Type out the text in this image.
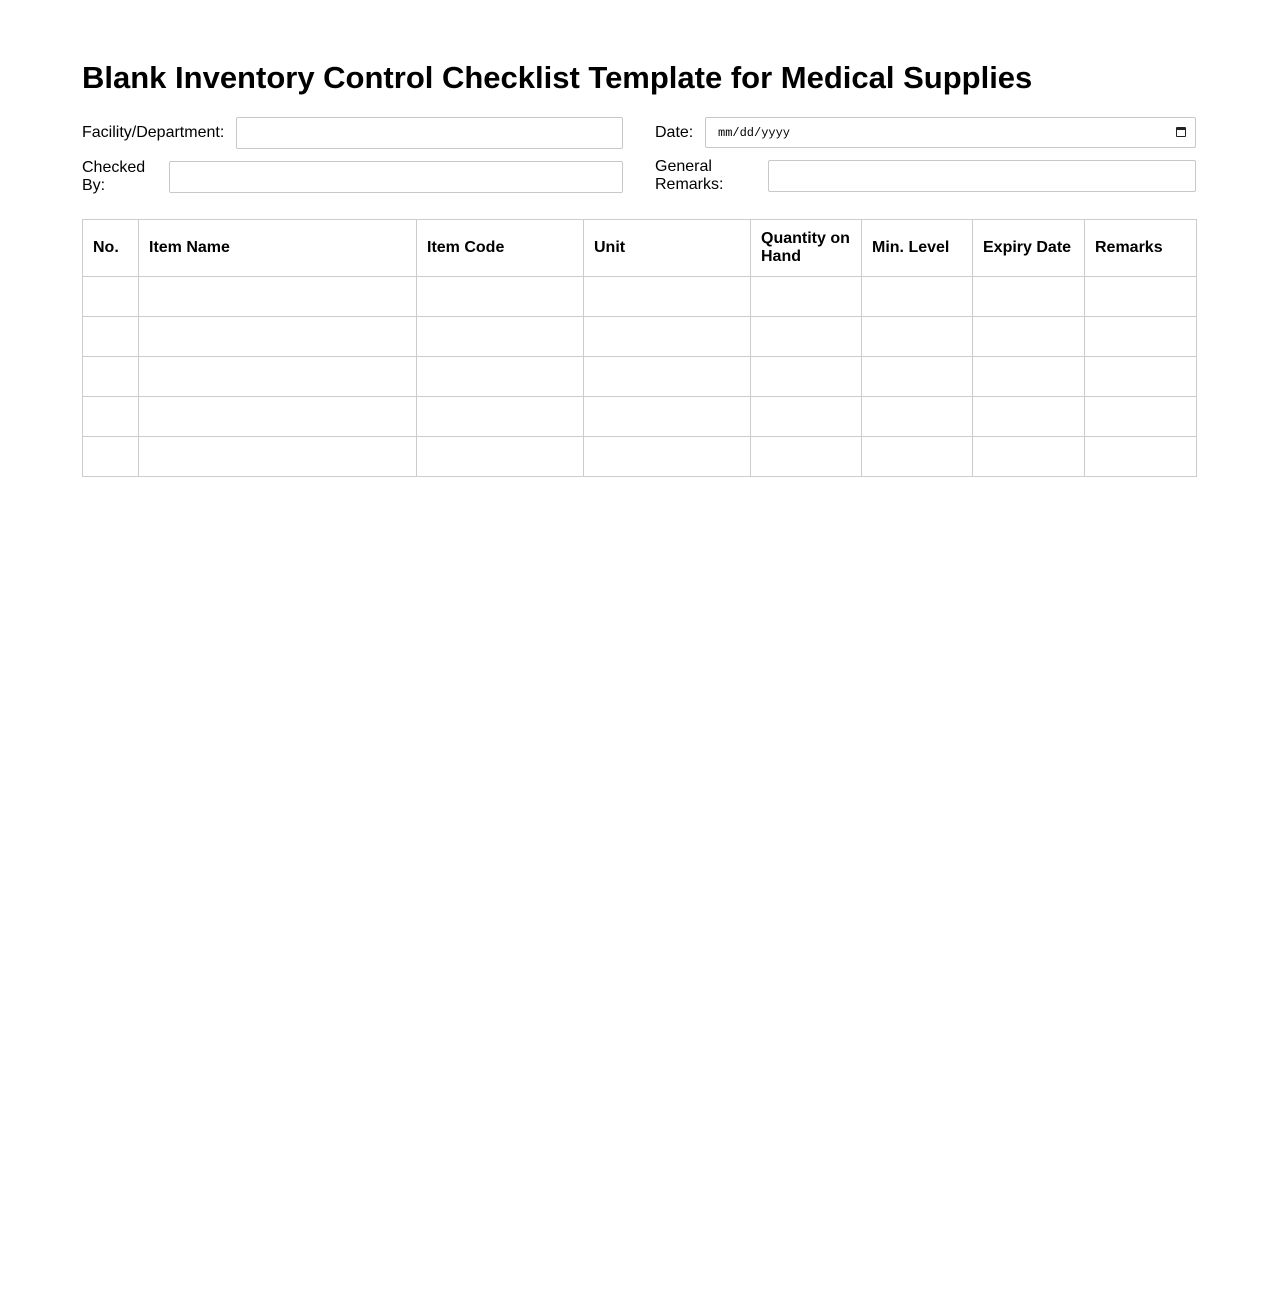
Blank Inventory Control Checklist Template for Medical Supplies
Facility/Department:	Date: mm/dd/yyyy
Checked By:
General Remarks:
No.	Item Name	Item Code	Unit	Quantity on Hand	Min. Level	Expiry Date	Remarks
